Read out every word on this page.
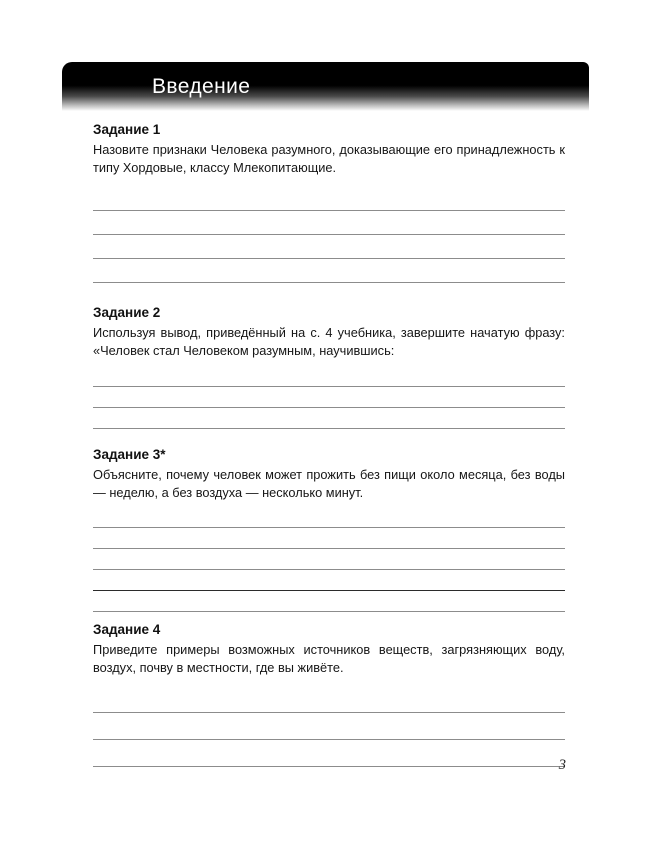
Введение
Задание 1

Назовите признаки Человека разумного, доказывающие его принадлежность к типу Хордовые, классу Млекопитающие.

Задание 2

Используя вывод, приведённый на с. 4 учебника, завершите начатую фразу: «Человек стал Человеком разумным, научившись:

Задание 3*

Объясните, почему человек может прожить без пищи около месяца, без воды — неделю, а без воздуха — несколько минут.

Задание 4

Приведите примеры возможных источников веществ, загрязняющих воду, воздух, почву в местности, где вы живёте.

3
